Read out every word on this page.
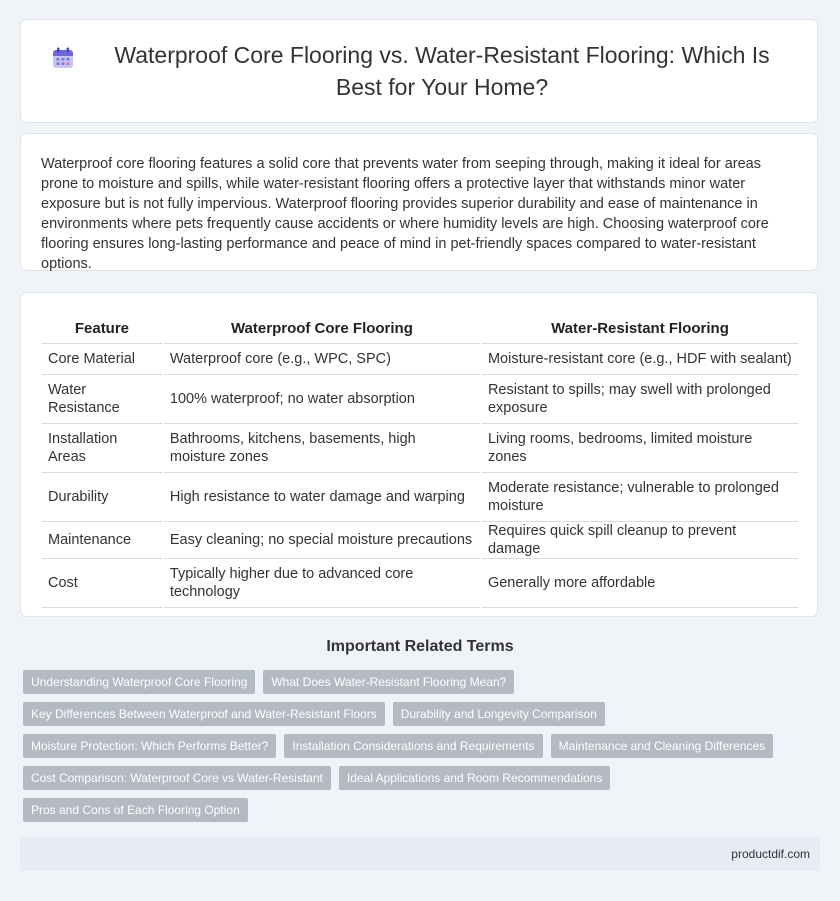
Waterproof Core Flooring vs. Water-Resistant Flooring: Which Is Best for Your Home?

Waterproof core flooring features a solid core that prevents water from seeping through, making it ideal for areas prone to moisture and spills, while water-resistant flooring offers a protective layer that withstands minor water exposure but is not fully impervious. Waterproof flooring provides superior durability and ease of maintenance in environments where pets frequently cause accidents or where humidity levels are high. Choosing waterproof core flooring ensures long-lasting performance and peace of mind in pet-friendly spaces compared to water-resistant options.

Feature	Waterproof Core Flooring	Water-Resistant Flooring
Core Material	Waterproof core (e.g., WPC, SPC)	Moisture-resistant core (e.g., HDF with sealant)
Water Resistance	100% waterproof; no water absorption	Resistant to spills; may swell with prolonged exposure
Installation Areas	Bathrooms, kitchens, basements, high moisture zones	Living rooms, bedrooms, limited moisture zones
Durability	High resistance to water damage and warping	Moderate resistance; vulnerable to prolonged moisture
Maintenance	Easy cleaning; no special moisture precautions	Requires quick spill cleanup to prevent damage
Cost	Typically higher due to advanced core technology	Generally more affordable
Important Related Terms
Understanding Waterproof Core Flooring	What Does Water-Resistant Flooring Mean?
Key Differences Between Waterproof and Water-Resistant Floors	Durability and Longevity Comparison
Moisture Protection: Which Performs Better?	Installation Considerations and Requirements	Maintenance and Cleaning Differences
Cost Comparison: Waterproof Core vs Water-Resistant	Ideal Applications and Room Recommendations
Pros and Cons of Each Flooring Option
productdif.com
